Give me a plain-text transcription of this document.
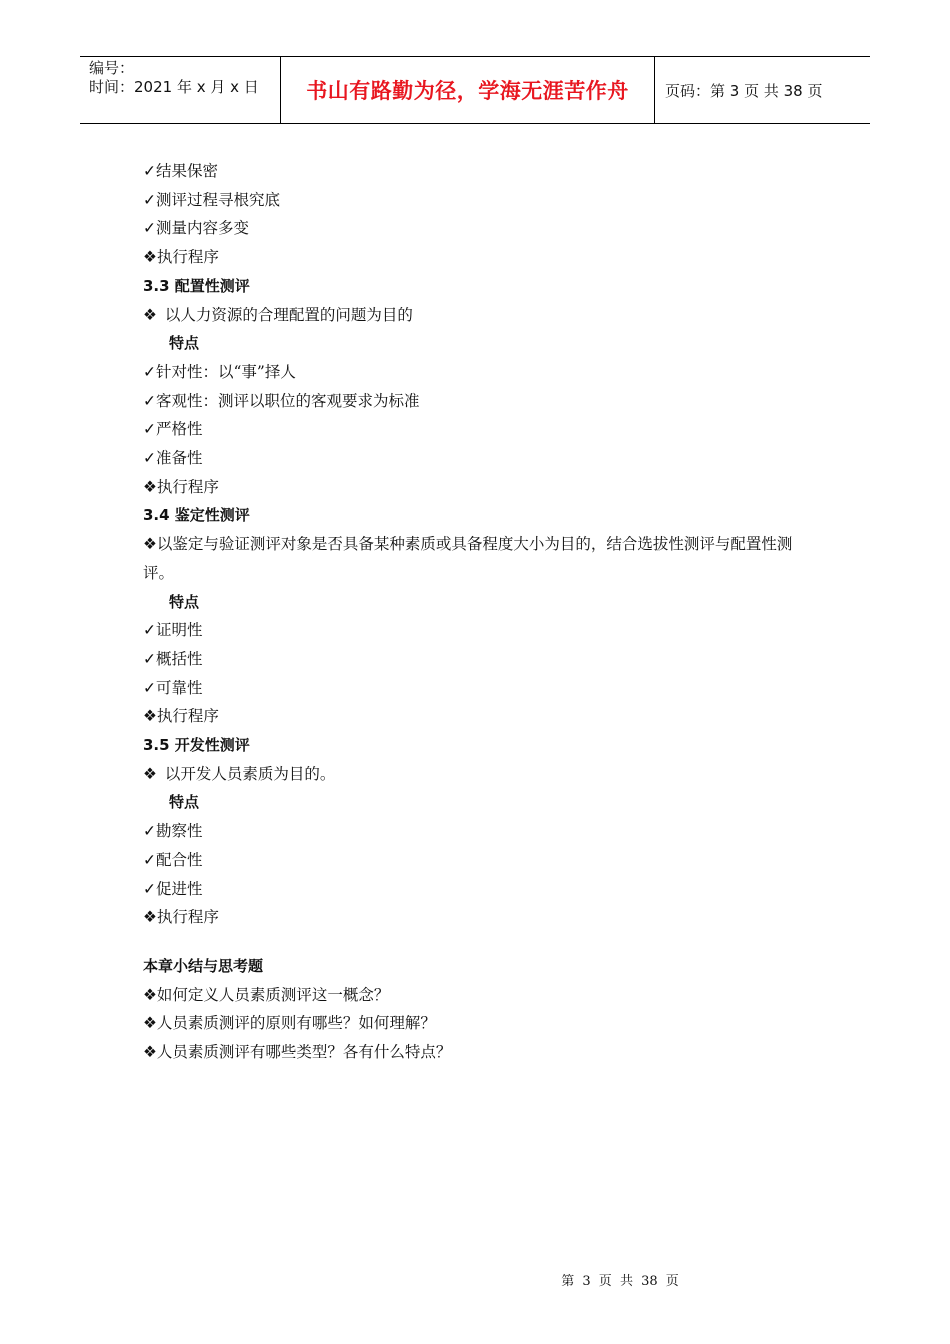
编号：
时间：2021 年 x 月 x 日	书山有路勤为径，学海无涯苦作舟 页码：第 3 页 共 38 页
✓结果保密
✓测评过程寻根究底
✓测量内容多变
❖执行程序
3.3 配置性测评
❖ 以人力资源的合理配置的问题为目的
特点
✓针对性：以“事”择人
✓客观性：测评以职位的客观要求为标准
✓严格性
✓准备性
❖执行程序
3.4 鉴定性测评
❖以鉴定与验证测评对象是否具备某种素质或具备程度大小为目的，结合选拔性测评与配置性测评。
特点
✓证明性
✓概括性
✓可靠性
❖执行程序
3.5 开发性测评
❖ 以开发人员素质为目的。
特点
✓勘察性
✓配合性
✓促进性
❖执行程序
本章小结与思考题
❖如何定义人员素质测评这一概念？
❖人员素质测评的原则有哪些？如何理解？
❖人员素质测评有哪些类型？各有什么特点？
第 3 页 共 38 页
